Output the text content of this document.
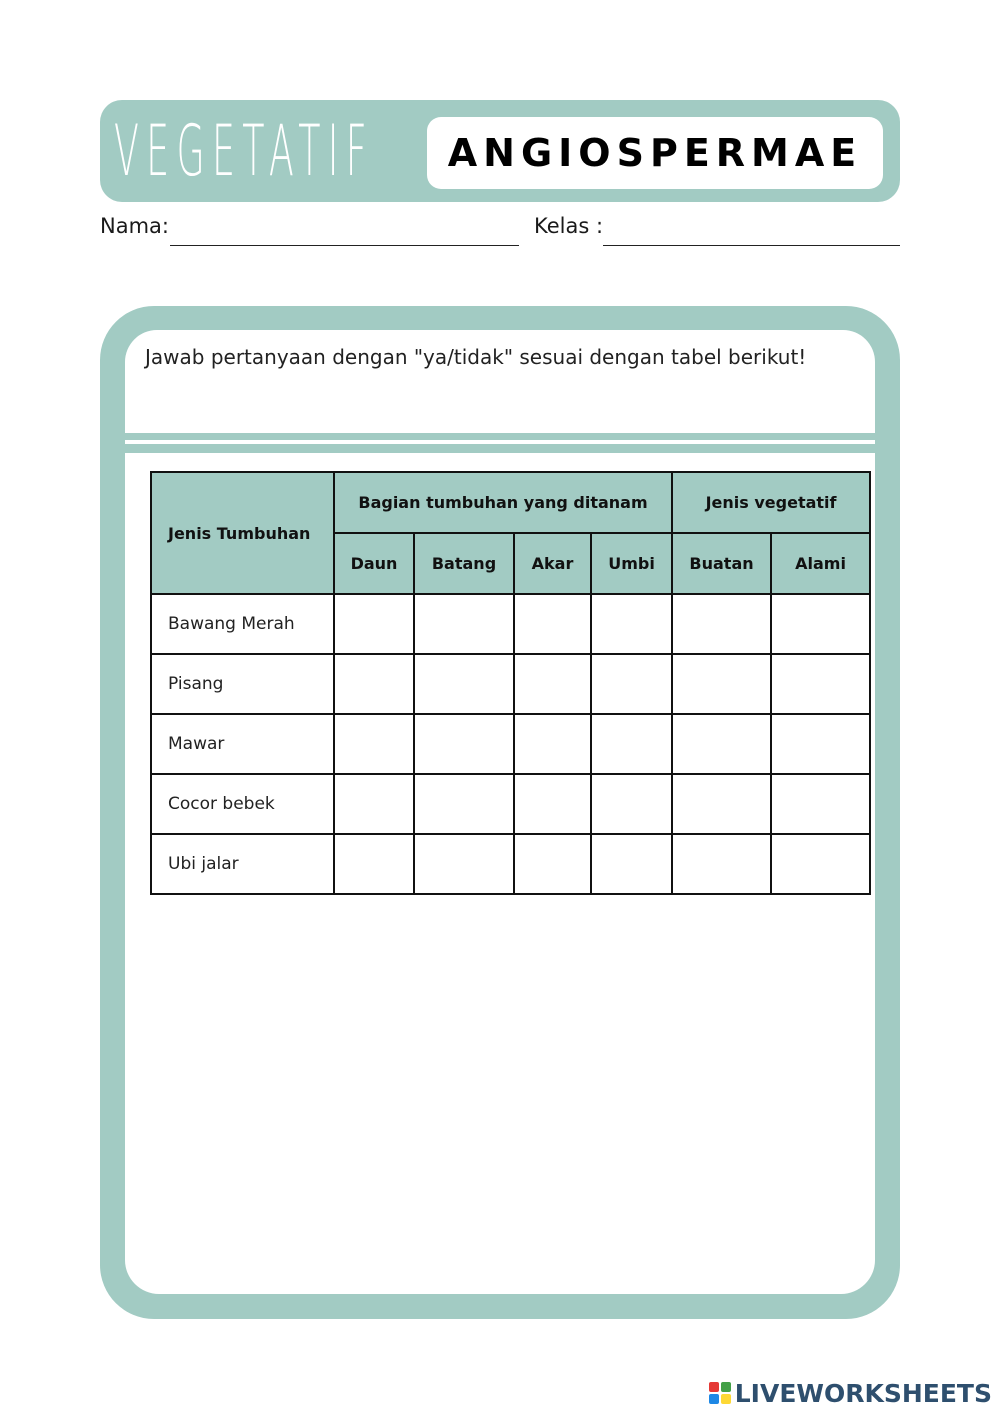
VEGETATIF	ANGIOSPERMAE
Nama:	Kelas :
Jawab pertanyaan dengan "ya/tidak" sesuai dengan tabel berikut!
Jenis Tumbuhan	Bagian tumbuhan yang ditanam				Jenis vegetatif	
	Daun	Batang	Akar	Umbi	Buatan	Alami
Bawang Merah						
Pisang						
Mawar						
Cocor bebek						
Ubi jalar						
LIVEWORKSHEETS
